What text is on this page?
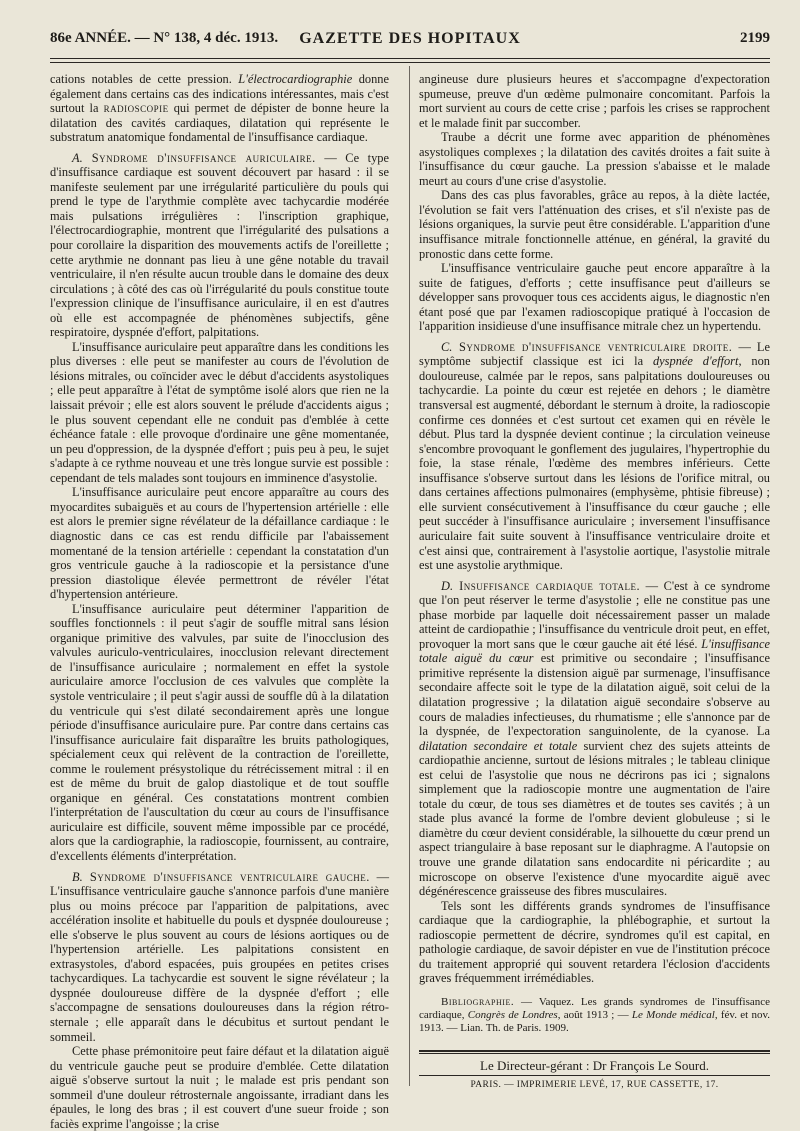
86e ANNÉE. — N° 138, 4 déc. 1913.	GAZETTE DES HOPITAUX	2199

cations notables de cette pression. L'électrocardiographie donne également dans certains cas des indications intéressantes, mais c'est surtout la radioscopie qui permet de dépister de bonne heure la dilatation des cavités cardiaques, dilatation qui représente le substratum anatomique fondamental de l'insuffisance cardiaque.

A. Syndrome d'insuffisance auriculaire. — Ce type d'insuffisance cardiaque est souvent découvert par hasard : il se manifeste seulement par une irrégularité particulière du pouls qui prend le type de l'arythmie complète avec tachycardie modérée mais pulsations irrégulières : l'inscription graphique, l'électrocardiographie, montrent que l'irrégularité des pulsations a pour corollaire la disparition des mouvements actifs de l'oreillette ; cette arythmie ne donnant pas lieu à une gêne notable du travail ventriculaire, il n'en résulte aucun trouble dans le domaine des deux circulations ; à côté des cas où l'irrégularité du pouls constitue toute l'expression clinique de l'insuffisance auriculaire, il en est d'autres où elle est accompagnée de phénomènes subjectifs, gêne respiratoire, dyspnée d'effort, palpitations.

L'insuffisance auriculaire peut apparaître dans les conditions les plus diverses : elle peut se manifester au cours de l'évolution de lésions mitrales, ou coïncider avec le début d'accidents asystoliques ; elle peut apparaître à l'état de symptôme isolé alors que rien ne la laissait prévoir ; elle est alors souvent le prélude d'accidents aigus ; le plus souvent cependant elle ne conduit pas d'emblée à cette échéance fatale : elle provoque d'ordinaire une gêne momentanée, un peu d'oppression, de la dyspnée d'effort ; puis peu à peu, le sujet s'adapte à ce rythme nouveau et une très longue survie est possible : cependant de tels malades sont toujours en imminence d'asystolie.

L'insuffisance auriculaire peut encore apparaître au cours des myocardites subaiguës et au cours de l'hypertension artérielle : elle est alors le premier signe révélateur de la défaillance cardiaque : le diagnostic dans ce cas est rendu difficile par l'abaissement momentané de la tension artérielle : cependant la constatation d'un gros ventricule gauche à la radioscopie et la persistance d'une pression diastolique élevée permettront de révéler l'état d'hypertension antérieure.

L'insuffisance auriculaire peut déterminer l'apparition de souffles fonctionnels : il peut s'agir de souffle mitral sans lésion organique primitive des valvules, par suite de l'inocclusion des valvules auriculo-ventriculaires, inocclusion relevant directement de l'insuffisance auriculaire ; normalement en effet la systole auriculaire amorce l'occlusion de ces valvules que complète la systole ventriculaire ; il peut s'agir aussi de souffle dû à la dilatation du ventricule qui s'est dilaté secondairement après une longue période d'insuffisance auriculaire pure. Par contre dans certains cas l'insuffisance auriculaire fait disparaître les bruits pathologiques, spécialement ceux qui relèvent de la contraction de l'oreillette, comme le roulement présystolique du rétrécissement mitral : il en est de même du bruit de galop diastolique et de tout souffle organique en général. Ces constatations montrent combien l'interprétation de l'auscultation du cœur au cours de l'insuffisance auriculaire est difficile, souvent même impossible par ce procédé, alors que la cardiographie, la radioscopie, fournissent, au contraire, d'excellents éléments d'interprétation.

B. Syndrome d'insuffisance ventriculaire gauche. — L'insuffisance ventriculaire gauche s'annonce parfois d'une manière plus ou moins précoce par l'apparition de palpitations, avec accélération insolite et habituelle du pouls et dyspnée douloureuse ; elle s'observe le plus souvent au cours de lésions aortiques ou de l'hypertension artérielle. Les palpitations consistent en extrasystoles, d'abord espacées, puis groupées en petites crises tachycardiques. La tachycardie est souvent le signe révélateur ; la dyspnée douloureuse diffère de la dyspnée d'effort ; elle s'accompagne de sensations douloureuses dans la région rétro-sternale ; elle apparaît dans le décubitus et surtout pendant le sommeil.

Cette phase prémonitoire peut faire défaut et la dilatation aiguë du ventricule gauche peut se produire d'emblée. Cette dilatation aiguë s'observe surtout la nuit ; le malade est pris pendant son sommeil d'une douleur rétrosternale angoissante, irradiant dans les épaules, le long des bras ; il est couvert d'une sueur froide ; son faciès exprime l'angoisse ; la crise

angineuse dure plusieurs heures et s'accompagne d'expectoration spumeuse, preuve d'un œdème pulmonaire concomitant. Parfois la mort survient au cours de cette crise ; parfois les crises se rapprochent et le malade finit par succomber.

Traube a décrit une forme avec apparition de phénomènes asystoliques complexes ; la dilatation des cavités droites a fait suite à l'insuffisance du cœur gauche. La pression s'abaisse et le malade meurt au cours d'une crise d'asystolie.

Dans des cas plus favorables, grâce au repos, à la diète lactée, l'évolution se fait vers l'atténuation des crises, et s'il n'existe pas de lésions organiques, la survie peut être considérable. L'apparition d'une insuffisance mitrale fonctionnelle atténue, en général, la gravité du pronostic dans cette forme.

L'insuffisance ventriculaire gauche peut encore apparaître à la suite de fatigues, d'efforts ; cette insuffisance peut d'ailleurs se développer sans provoquer tous ces accidents aigus, le diagnostic n'en étant posé que par l'examen radioscopique pratiqué à l'occasion de l'apparition insidieuse d'une insuffisance mitrale chez un hypertendu.

C. Syndrome d'insuffisance ventriculaire droite. — Le symptôme subjectif classique est ici la dyspnée d'effort, non douloureuse, calmée par le repos, sans palpitations douloureuses ou tachycardie. La pointe du cœur est rejetée en dehors ; le diamètre transversal est augmenté, débordant le sternum à droite, la radioscopie confirme ces données et c'est surtout cet examen qui en révèle le début. Plus tard la dyspnée devient continue ; la circulation veineuse s'encombre provoquant le gonflement des jugulaires, l'hypertrophie du foie, la stase rénale, l'œdème des membres inférieurs. Cette insuffisance s'observe surtout dans les lésions de l'orifice mitral, ou dans certaines affections pulmonaires (emphysème, phtisie fibreuse) ; elle survient consécutivement à l'insuffisance du cœur gauche ; elle peut succéder à l'insuffisance auriculaire ; inversement l'insuffisance auriculaire fait suite souvent à l'insuffisance ventriculaire droite et c'est ainsi que, contrairement à l'asystolie aortique, l'asystolie mitrale est une asystolie arythmique.

D. Insuffisance cardiaque totale. — C'est à ce syndrome que l'on peut réserver le terme d'asystolie ; elle ne constitue pas une phase morbide par laquelle doit nécessairement passer un malade atteint de cardiopathie ; l'insuffisance du ventricule droit peut, en effet, provoquer la mort sans que le cœur gauche ait été lésé. L'insuffisance totale aiguë du cœur est primitive ou secondaire ; l'insuffisance primitive représente la distension aiguë par surmenage, l'insuffisance secondaire affecte soit le type de la dilatation aiguë, soit celui de la dilatation progressive ; la dilatation aiguë secondaire s'observe au cours de maladies infectieuses, du rhumatisme ; elle s'annonce par de la dyspnée, de l'expectoration sanguinolente, de la cyanose. La dilatation secondaire et totale survient chez des sujets atteints de cardiopathie ancienne, surtout de lésions mitrales ; le tableau clinique est celui de l'asystolie que nous ne décrirons pas ici ; signalons simplement que la radioscopie montre une augmentation de l'aire totale du cœur, de tous ses diamètres et de toutes ses cavités ; à un stade plus avancé la forme de l'ombre devient globuleuse ; si le diamètre du cœur devient considérable, la silhouette du cœur prend un aspect triangulaire à base reposant sur le diaphragme. A l'autopsie on trouve une grande dilatation sans endocardite ni péricardite ; au microscope on observe l'existence d'une myocardite aiguë avec dégénérescence graisseuse des fibres musculaires.

Tels sont les différents grands syndromes de l'insuffisance cardiaque que la cardiographie, la phlébographie, et surtout la radioscopie permettent de décrire, syndromes qu'il est capital, en pathologie cardiaque, de savoir dépister en vue de l'institution précoce du traitement approprié qui souvent retardera l'éclosion d'accidents graves fréquemment irrémédiables.

Bibliographie. — Vaquez. Les grands syndromes de l'insuffisance cardiaque, Congrès de Londres, août 1913 ; — Le Monde médical, fév. et nov. 1913. — Lian. Th. de Paris. 1909.

Le Directeur-gérant : Dr François Le Sourd.
PARIS. — IMPRIMERIE LEVÉ, 17, RUE CASSETTE, 17.
